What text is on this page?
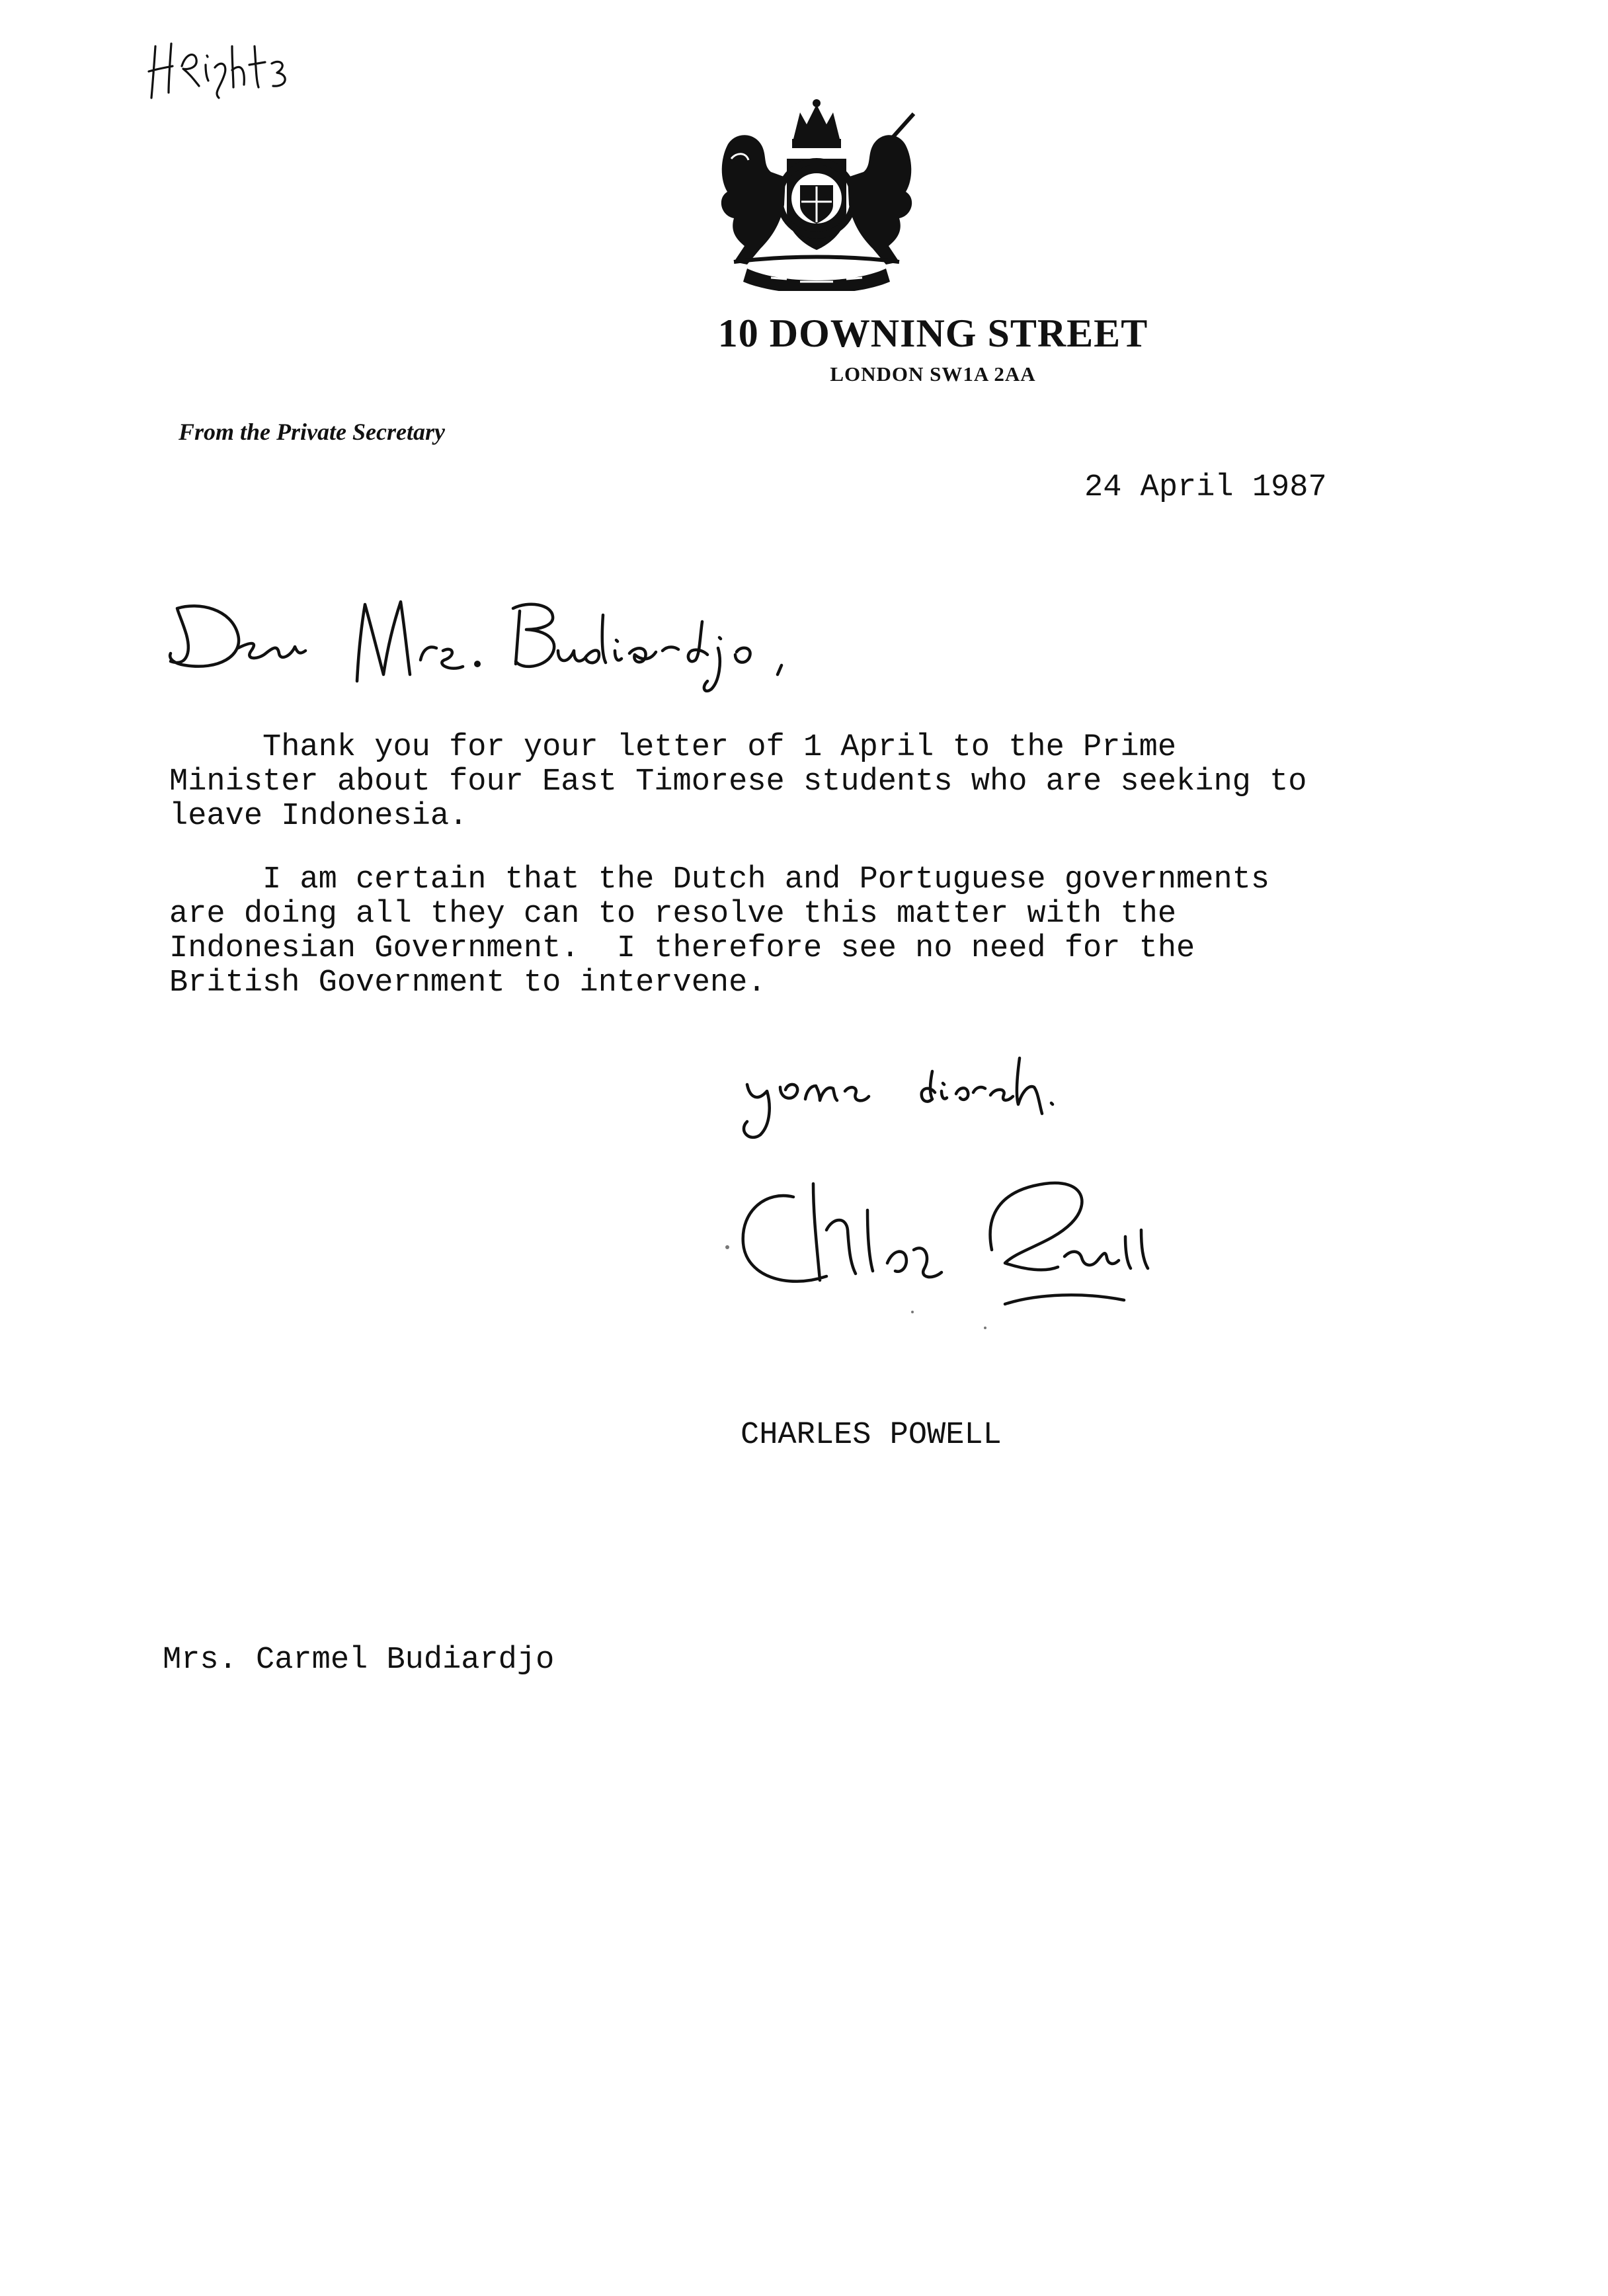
10 DOWNING STREET
LONDON SW1A 2AA
From the Private Secretary
24 April 1987
Thank you for your letter of 1 April to the Prime
Minister about four East Timorese students who are seeking to
leave Indonesia.
I am certain that the Dutch and Portuguese governments
are doing all they can to resolve this matter with the
Indonesian Government.  I therefore see no need for the
British Government to intervene.
CHARLES POWELL
Mrs. Carmel Budiardjo
